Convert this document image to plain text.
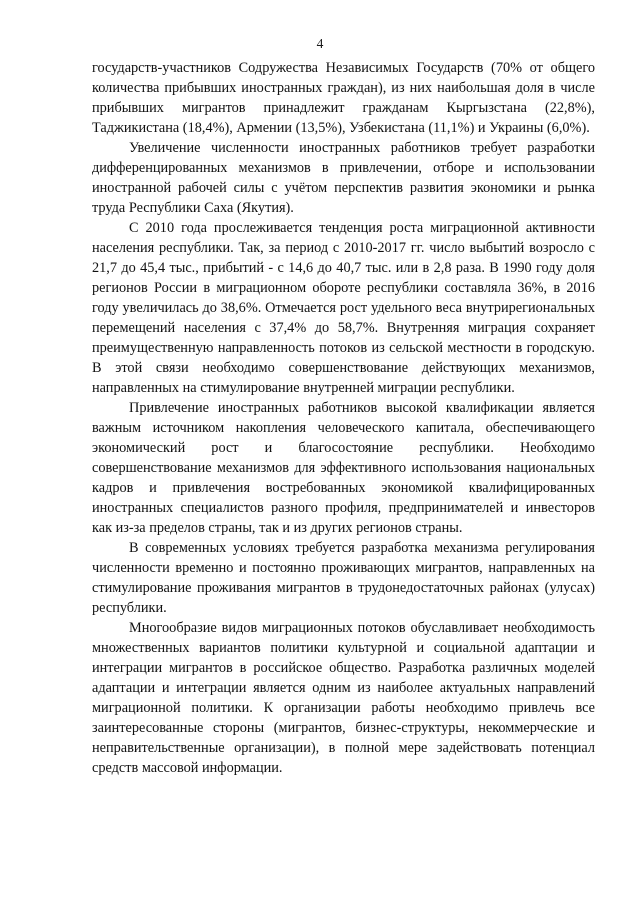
4

государств-участников Содружества Независимых Государств (70% от общего количества прибывших иностранных граждан), из них наибольшая доля в числе прибывших мигрантов принадлежит гражданам Кыргызстана (22,8%), Таджикистана (18,4%), Армении (13,5%), Узбекистана (11,1%) и Украины (6,0%).

Увеличение численности иностранных работников требует разработки дифференцированных механизмов в привлечении, отборе и использовании иностранной рабочей силы с учётом перспектив развития экономики и рынка труда Республики Саха (Якутия).

С 2010 года прослеживается тенденция роста миграционной активности населения республики. Так, за период с 2010-2017 гг. число выбытий возросло с 21,7 до 45,4 тыс., прибытий - с 14,6 до 40,7 тыс. или в 2,8 раза. В 1990 году доля регионов России в миграционном обороте республики составляла 36%, в 2016 году увеличилась до 38,6%. Отмечается рост удельного веса внутрирегиональных перемещений населения с 37,4% до 58,7%. Внутренняя миграция сохраняет преимущественную направленность потоков из сельской местности в городскую. В этой связи необходимо совершенствование действующих механизмов, направленных на стимулирование внутренней миграции республики.

Привлечение иностранных работников высокой квалификации является важным источником накопления человеческого капитала, обеспечивающего экономический рост и благосостояние республики. Необходимо совершенствование механизмов для эффективного использования национальных кадров и привлечения востребованных экономикой квалифицированных иностранных специалистов разного профиля, предпринимателей и инвесторов как из-за пределов страны, так и из других регионов страны.

В современных условиях требуется разработка механизма регулирования численности временно и постоянно проживающих мигрантов, направленных на стимулирование проживания мигрантов в трудонедостаточных районах (улусах) республики.

Многообразие видов миграционных потоков обуславливает необходимость множественных вариантов политики культурной и социальной адаптации и интеграции мигрантов в российское общество. Разработка различных моделей адаптации и интеграции является одним из наиболее актуальных направлений миграционной политики. К организации работы необходимо привлечь все заинтересованные стороны (мигрантов, бизнес-структуры, некоммерческие и неправительственные организации), в полной мере задействовать потенциал средств массовой информации.
